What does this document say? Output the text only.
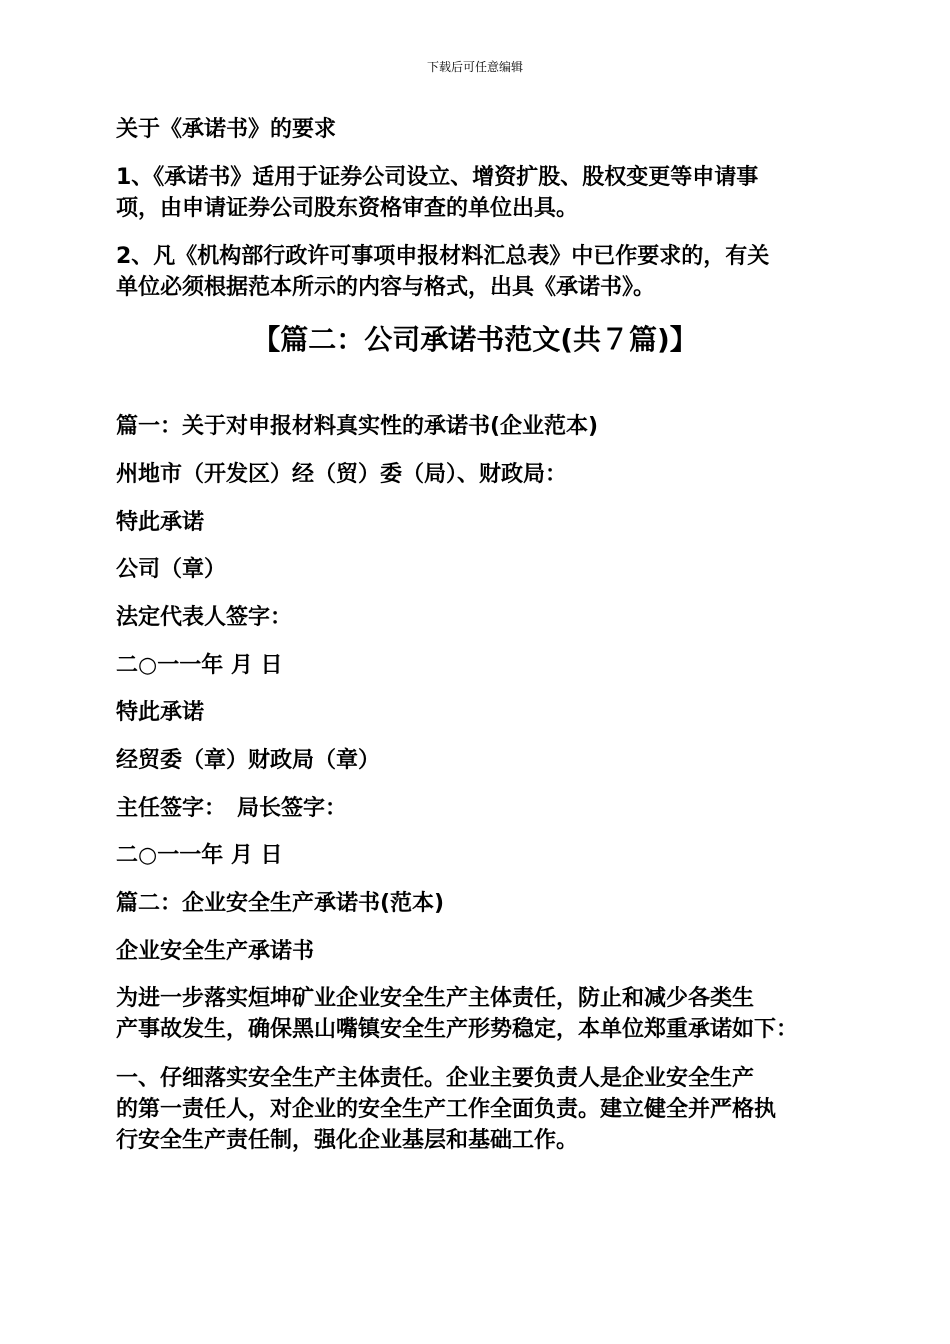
下载后可任意编辑
关于《承诺书》的要求
1、《承诺书》适用于证券公司设立、增资扩股、股权变更等申请事
项，由申请证券公司股东资格审查的单位出具。
2、凡《机构部行政许可事项申报材料汇总表》中已作要求的，有关
单位必须根据范本所示的内容与格式，出具《承诺书》。
【篇二：公司承诺书范文(共７篇)】
篇一：关于对申报材料真实性的承诺书(企业范本)
州地市（开发区）经（贸）委（局）、财政局：
特此承诺
公司（章）
法定代表人签字：
二○一一年 月 日
特此承诺
经贸委（章）财政局（章）
主任签字：　局长签字：
二○一一年 月 日
篇二：企业安全生产承诺书(范本)
企业安全生产承诺书
为进一步落实烜坤矿业企业安全生产主体责任，防止和减少各类生
产事故发生，确保黑山嘴镇安全生产形势稳定，本单位郑重承诺如下：
一、仔细落实安全生产主体责任。企业主要负责人是企业安全生产
的第一责任人，对企业的安全生产工作全面负责。建立健全并严格执
行安全生产责任制，强化企业基层和基础工作。
